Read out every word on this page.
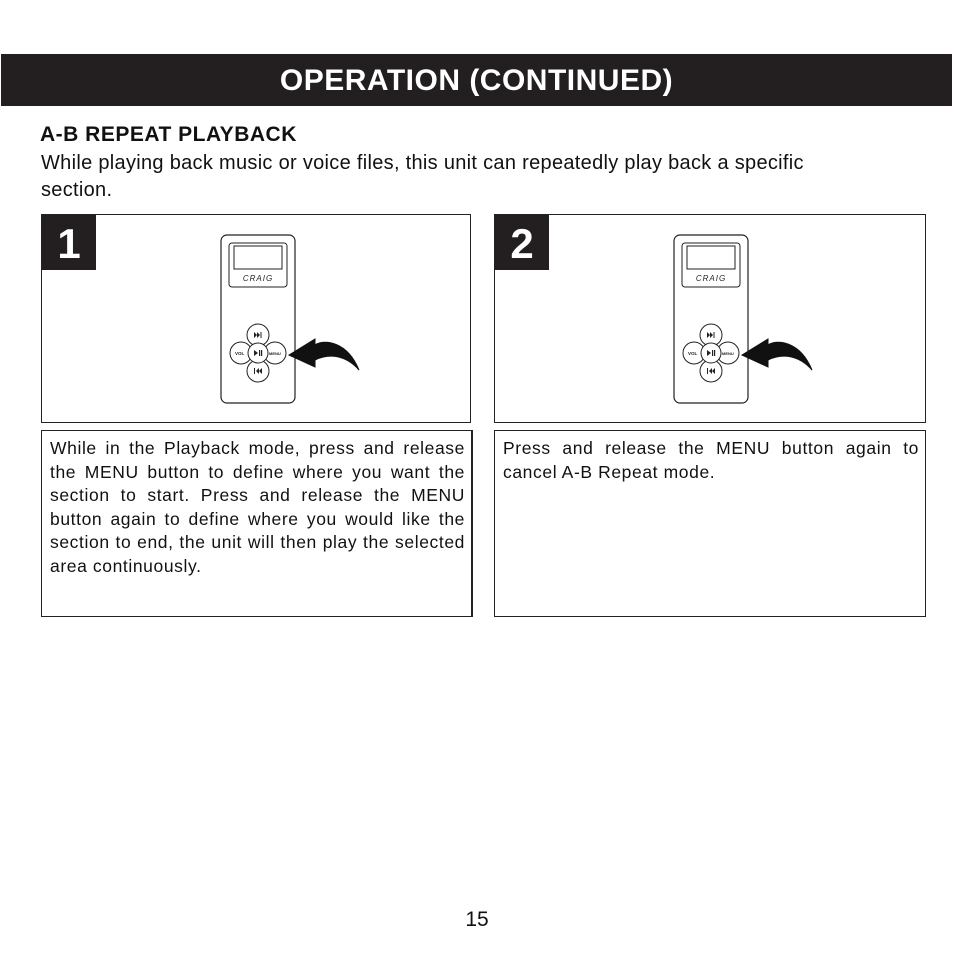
OPERATION (CONTINUED)
A-B REPEAT PLAYBACK
While playing back music or voice files, this unit can repeatedly play back a specific section.
1
CRAIG
VOL	MENU
2
CRAIG
VOL	MENU
While in the Playback mode, press and release the MENU button to define where you want the section to start. Press and release the MENU button again to define where you would like the section to end, the unit will then play the selected area continuously.
Press and release the MENU button again to cancel A-B Repeat mode.
15
